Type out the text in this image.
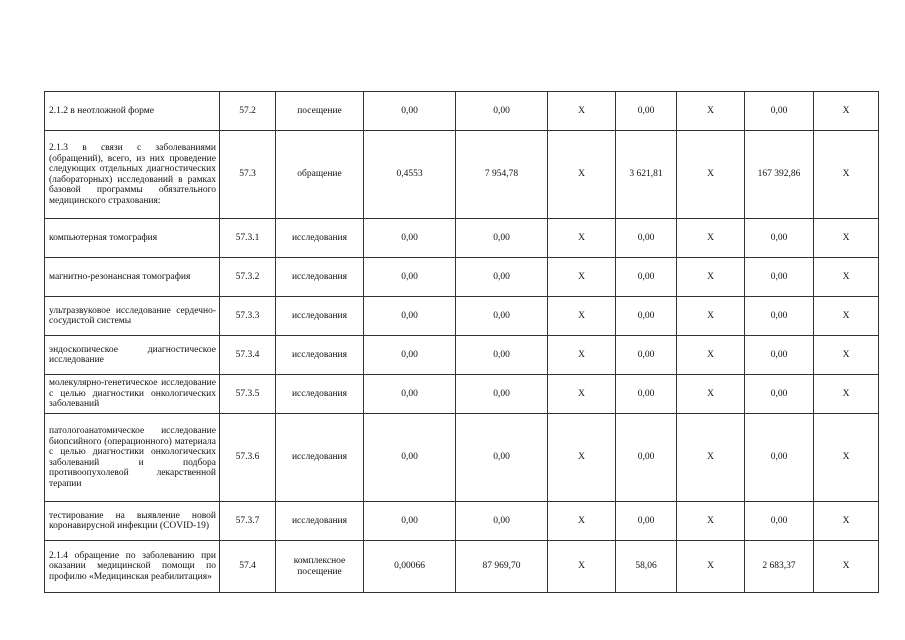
2.1.2 в неотложной форме	57.2	посещение	0,00	0,00	X	0,00	X	0,00	X
2.1.3 в связи с заболеваниями (обращений), всего, из них проведение следующих отдельных диагностических (лабораторных) исследований в рамках базовой программы обязательного медицинского страхования:	57.3	обращение	0,4553	7 954,78	X	3 621,81	X	167 392,86	X
компьютерная томография	57.3.1	исследования	0,00	0,00	X	0,00	X	0,00	X
магнитно-резонансная томография	57.3.2	исследования	0,00	0,00	X	0,00	X	0,00	X
ультразвуковое исследование сердечно-сосудистой системы	57.3.3	исследования	0,00	0,00	X	0,00	X	0,00	X
эндоскопическое диагностическое исследование	57.3.4	исследования	0,00	0,00	X	0,00	X	0,00	X
молекулярно-генетическое исследование с целью диагностики онкологических заболеваний	57.3.5	исследования	0,00	0,00	X	0,00	X	0,00	X
патологоанатомическое исследование биопсийного (операционного) материала с целью диагностики онкологических заболеваний и подбора противоопухолевой лекарственной терапии	57.3.6	исследования	0,00	0,00	X	0,00	X	0,00	X
тестирование на выявление новой коронавирусной инфекции (COVID-19)	57.3.7	исследования	0,00	0,00	X	0,00	X	0,00	X
2.1.4 обращение по заболеванию при оказании медицинской помощи по профилю «Медицинская реабилитация»	57.4	комплексное посещение	0,00066	87 969,70	X	58,06	X	2 683,37	X
